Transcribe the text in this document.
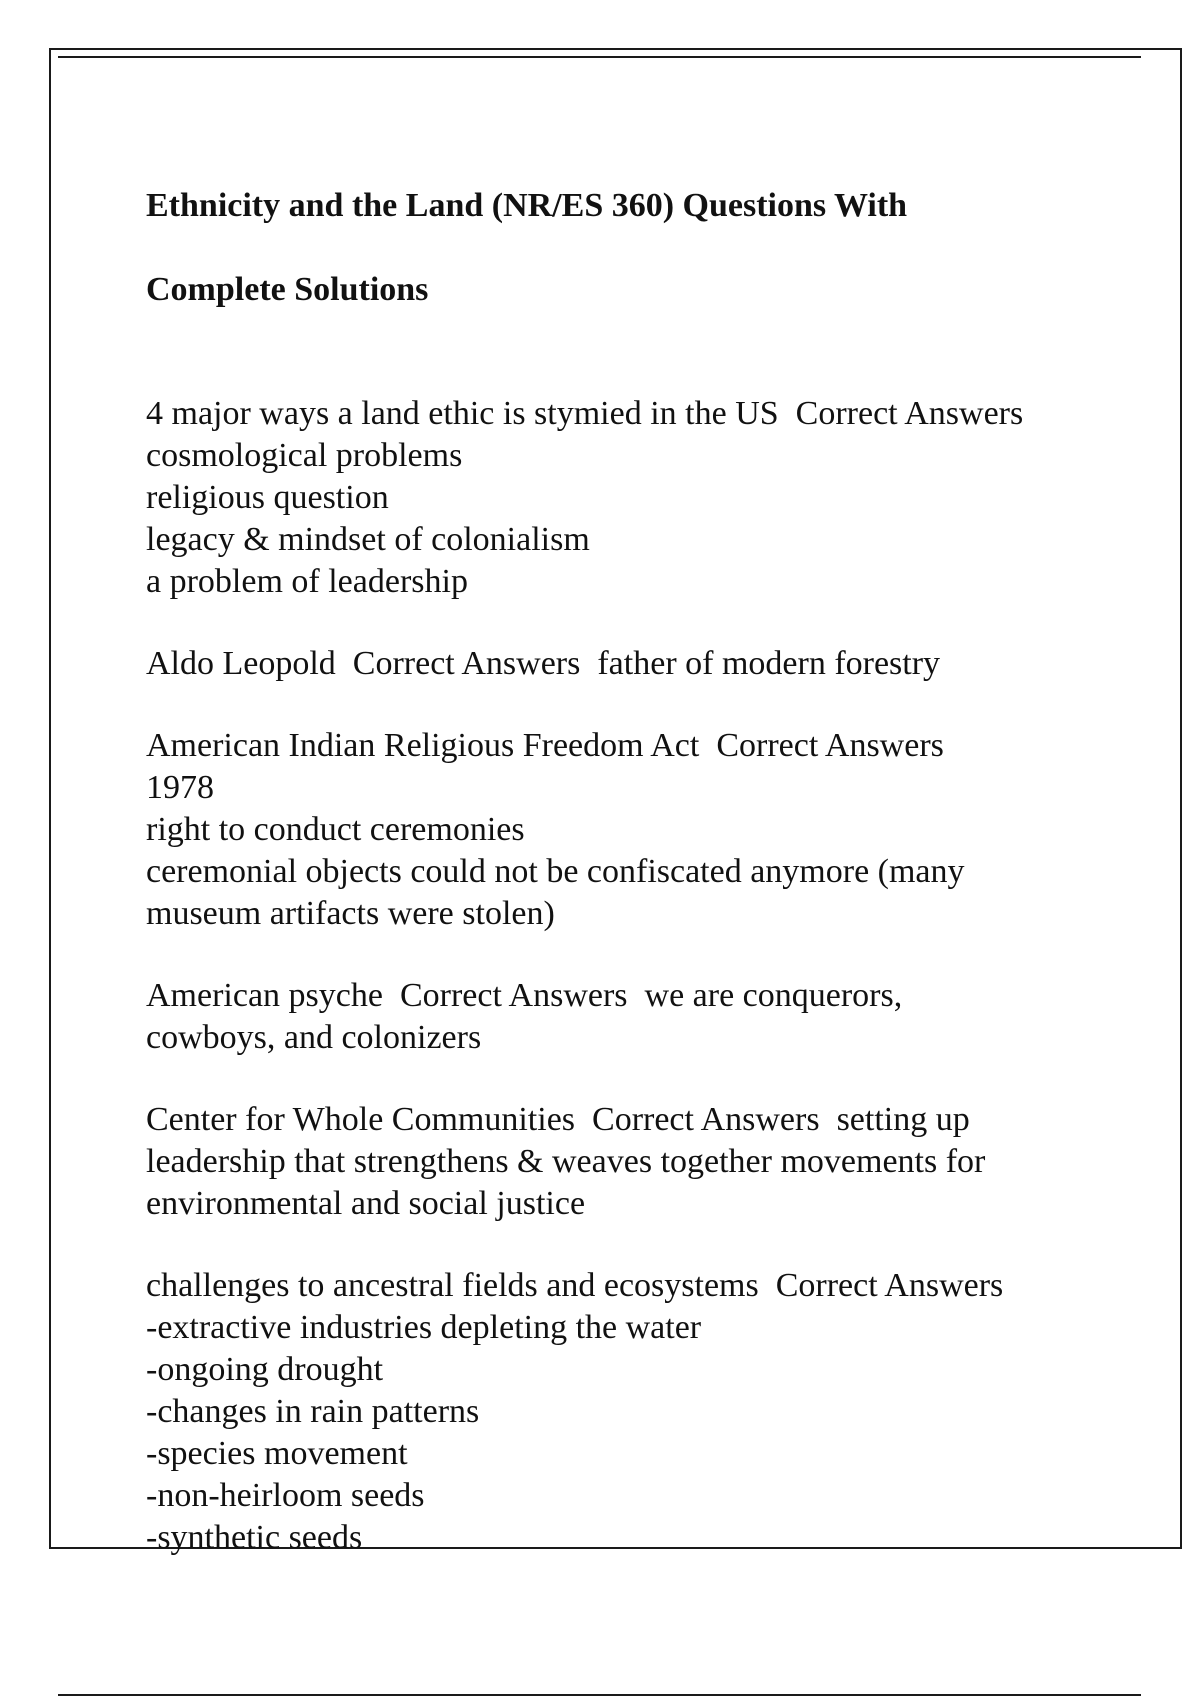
Ethnicity and the Land (NR/ES 360) Questions With

Complete Solutions

4 major ways a land ethic is stymied in the US  Correct Answers
cosmological problems
religious question
legacy & mindset of colonialism
a problem of leadership
Aldo Leopold  Correct Answers  father of modern forestry
American Indian Religious Freedom Act  Correct Answers
1978
right to conduct ceremonies
ceremonial objects could not be confiscated anymore (many
museum artifacts were stolen)
American psyche  Correct Answers  we are conquerors,
cowboys, and colonizers
Center for Whole Communities  Correct Answers  setting up
leadership that strengthens & weaves together movements for
environmental and social justice
challenges to ancestral fields and ecosystems  Correct Answers
-extractive industries depleting the water
-ongoing drought
-changes in rain patterns
-species movement
-non-heirloom seeds
-synthetic seeds
